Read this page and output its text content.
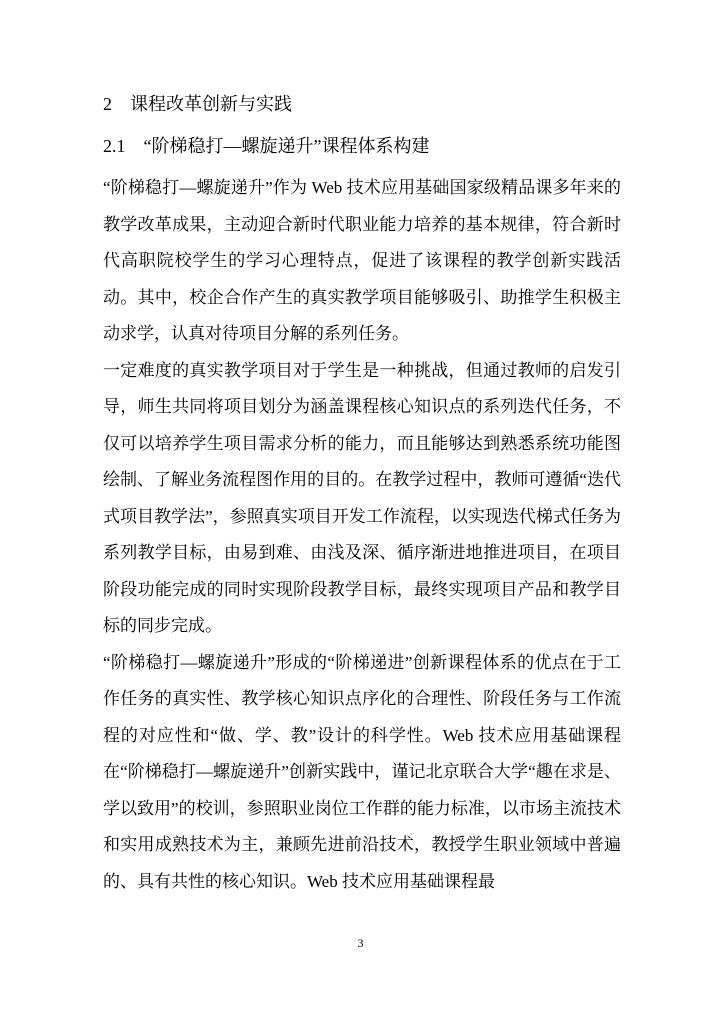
2　课程改革创新与实践
2.1　“阶梯稳打—螺旋递升”课程体系构建

“阶梯稳打—螺旋递升”作为 Web 技术应用基础国家级精品课多年来的教学改革成果，主动迎合新时代职业能力培养的基本规律，符合新时代高职院校学生的学习心理特点，促进了该课程的教学创新实践活动。其中，校企合作产生的真实教学项目能够吸引、助推学生积极主动求学，认真对待项目分解的系列任务。

一定难度的真实教学项目对于学生是一种挑战，但通过教师的启发引导，师生共同将项目划分为涵盖课程核心知识点的系列迭代任务，不仅可以培养学生项目需求分析的能力，而且能够达到熟悉系统功能图绘制、了解业务流程图作用的目的。在教学过程中，教师可遵循“迭代式项目教学法”，参照真实项目开发工作流程，以实现迭代梯式任务为系列教学目标，由易到难、由浅及深、循序渐进地推进项目，在项目阶段功能完成的同时实现阶段教学目标，最终实现项目产品和教学目标的同步完成。

“阶梯稳打—螺旋递升”形成的“阶梯递进”创新课程体系的优点在于工作任务的真实性、教学核心知识点序化的合理性、阶段任务与工作流程的对应性和“做、学、教”设计的科学性。Web 技术应用基础课程在“阶梯稳打—螺旋递升”创新实践中，谨记北京联合大学“趣在求是、学以致用”的校训，参照职业岗位工作群的能力标准，以市场主流技术和实用成熟技术为主，兼顾先进前沿技术，教授学生职业领域中普遍的、具有共性的核心知识。Web 技术应用基础课程最

3
